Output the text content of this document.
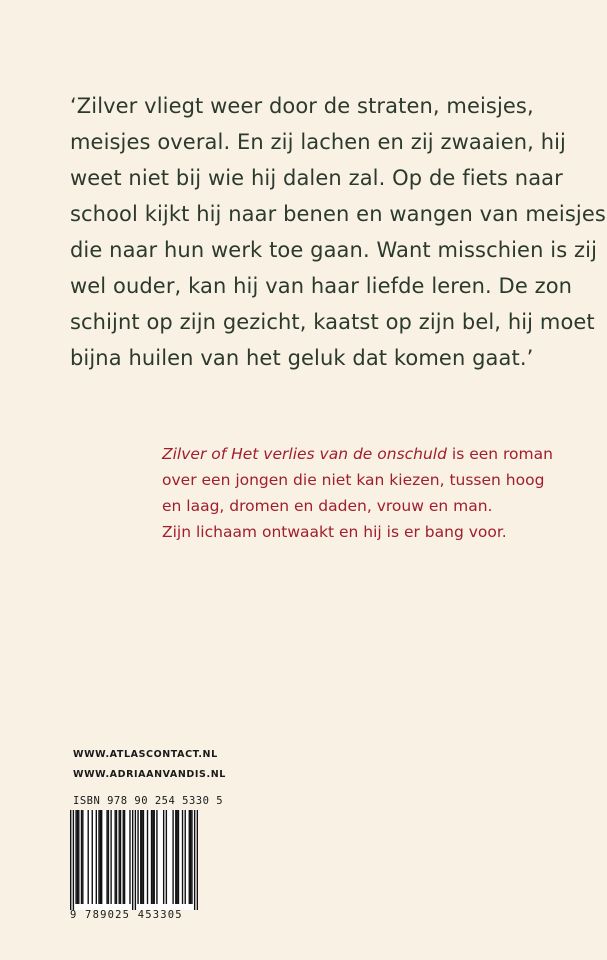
‘Zilver vliegt weer door de straten, meisjes,
meisjes overal. En zij lachen en zij zwaaien, hij
weet niet bij wie hij dalen zal. Op de fiets naar
school kijkt hij naar benen en wangen van meisjes
die naar hun werk toe gaan. Want misschien is zij
wel ouder, kan hij van haar liefde leren. De zon
schijnt op zijn gezicht, kaatst op zijn bel, hij moet
bijna huilen van het geluk dat komen gaat.’

Zilver of Het verlies van de onschuld is een roman
over een jongen die niet kan kiezen, tussen hoog
en laag, dromen en daden, vrouw en man.
Zijn lichaam ontwaakt en hij is er bang voor.

WWW.ATLASCONTACT.NL
WWW.ADRIAANVANDIS.NL
ISBN 978 90 254 5330 5
9 789025 453305
